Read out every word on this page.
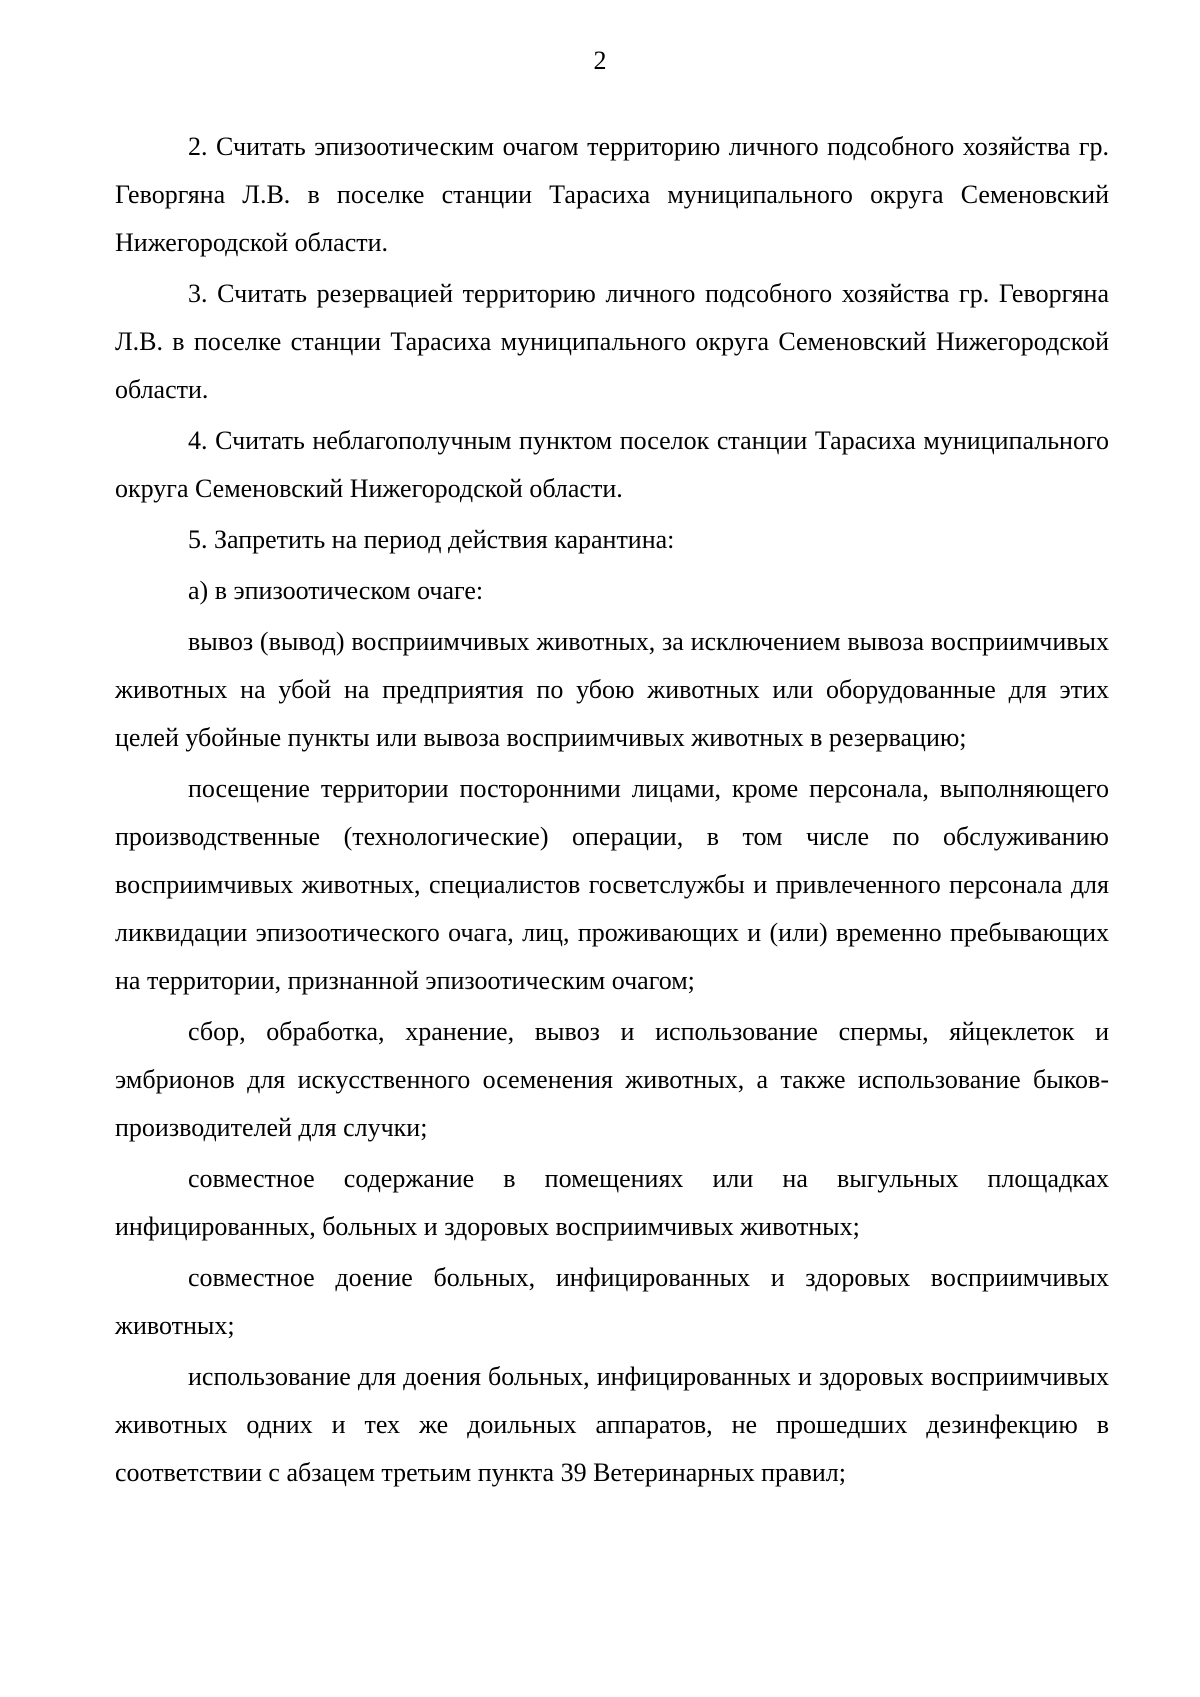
2

2. Считать эпизоотическим очагом территорию личного подсобного хозяйства гр. Геворгяна Л.В. в поселке станции Тарасиха муниципального округа Семеновский Нижегородской области.

3. Считать резервацией территорию личного подсобного хозяйства гр. Геворгяна Л.В. в поселке станции Тарасиха муниципального округа Семеновский Нижегородской области.

4. Считать неблагополучным пунктом поселок станции Тарасиха муниципального округа Семеновский Нижегородской области.

5. Запретить на период действия карантина:

а) в эпизоотическом очаге:

вывоз (вывод) восприимчивых животных, за исключением вывоза восприимчивых животных на убой на предприятия по убою животных или оборудованные для этих целей убойные пункты или вывоза восприимчивых животных в резервацию;

посещение территории посторонними лицами, кроме персонала, выполняющего производственные (технологические) операции, в том числе по обслуживанию восприимчивых животных, специалистов госветслужбы и привлеченного персонала для ликвидации эпизоотического очага, лиц, проживающих и (или) временно пребывающих на территории, признанной эпизоотическим очагом;

сбор, обработка, хранение, вывоз и использование спермы, яйцеклеток и эмбрионов для искусственного осеменения животных, а также использование быков-производителей для случки;

совместное содержание в помещениях или на выгульных площадках инфицированных, больных и здоровых восприимчивых животных;

совместное доение больных, инфицированных и здоровых восприимчивых животных;

использование для доения больных, инфицированных и здоровых восприимчивых животных одних и тех же доильных аппаратов, не прошедших дезинфекцию в соответствии с абзацем третьим пункта 39 Ветеринарных правил;
